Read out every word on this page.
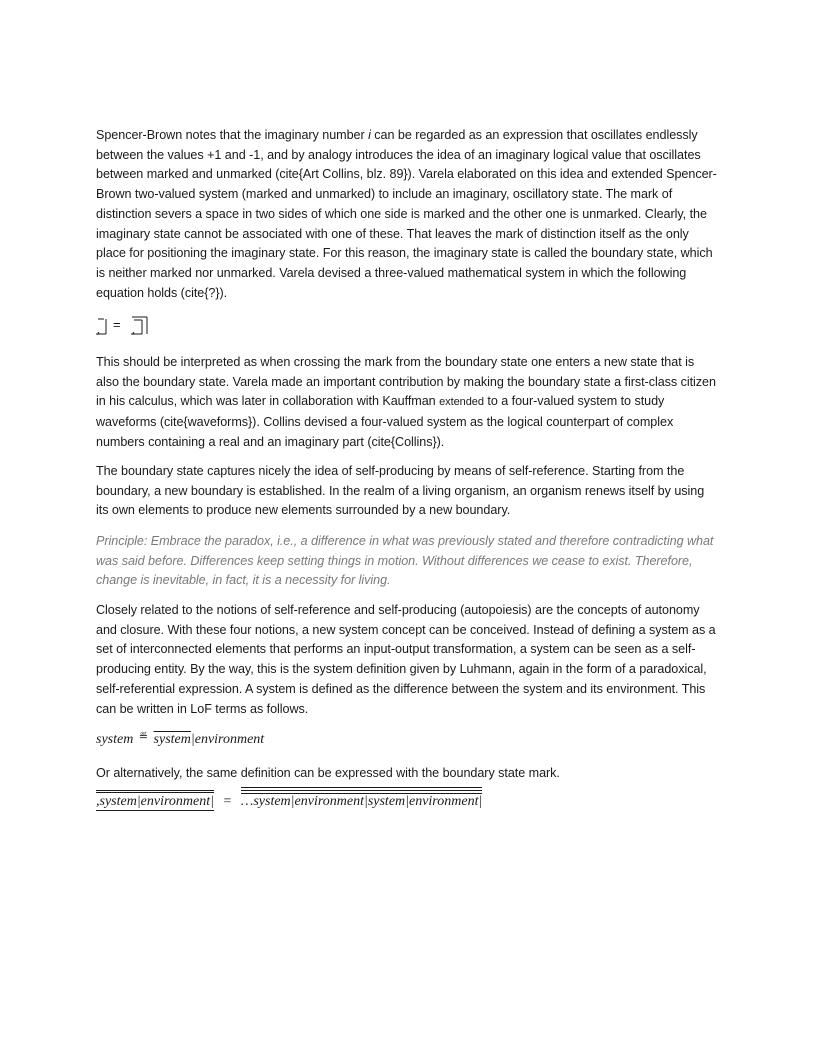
Spencer-Brown notes that the imaginary number i can be regarded as an expression that oscillates endlessly between the values +1 and -1, and by analogy introduces the idea of an imaginary logical value that oscillates between marked and unmarked (cite{Art Collins, blz. 89}). Varela elaborated on this idea and extended Spencer-Brown two-valued system (marked and unmarked) to include an imaginary, oscillatory state. The mark of distinction severs a space in two sides of which one side is marked and the other one is unmarked. Clearly, the imaginary state cannot be associated with one of these. That leaves the mark of distinction itself as the only place for positioning the imaginary state. For this reason, the imaginary state is called the boundary state, which is neither marked nor unmarked. Varela devised a three-valued mathematical system in which the following equation holds (cite{?}).

,	,
=

This should be interpreted as when crossing the mark from the boundary state one enters a new state that is also the boundary state. Varela made an important contribution by making the boundary state a first-class citizen in his calculus, which was later in collaboration with Kauffman extended to a four-valued system to study waveforms (cite{waveforms}). Collins devised a four-valued system as the logical counterpart of complex numbers containing a real and an imaginary part (cite{Collins}).

The boundary state captures nicely the idea of self-producing by means of self-reference. Starting from the boundary, a new boundary is established. In the realm of a living organism, an organism renews itself by using its own elements to produce new elements surrounded by a new boundary.

Principle: Embrace the paradox, i.e., a difference in what was previously stated and therefore contradicting what was said before. Differences keep setting things in motion. Without differences we cease to exist. Therefore, change is inevitable, in fact, it is a necessity for living.

Closely related to the notions of self-reference and self-producing (autopoiesis) are the concepts of autonomy and closure. With these four notions, a new system concept can be conceived. Instead of defining a system as a set of interconnected elements that performs an input-output transformation, a system can be seen as a self-producing entity. By the way, this is the system definition given by Luhmann, again in the form of a paradoxical, self-referential expression. A system is defined as the difference between the system and its environment. This can be written in LoF terms as follows.

system ≝ system|environment

Or alternatively, the same definition can be expressed with the boundary state mark.

,system|environment| = …system|environment|system|environment|
